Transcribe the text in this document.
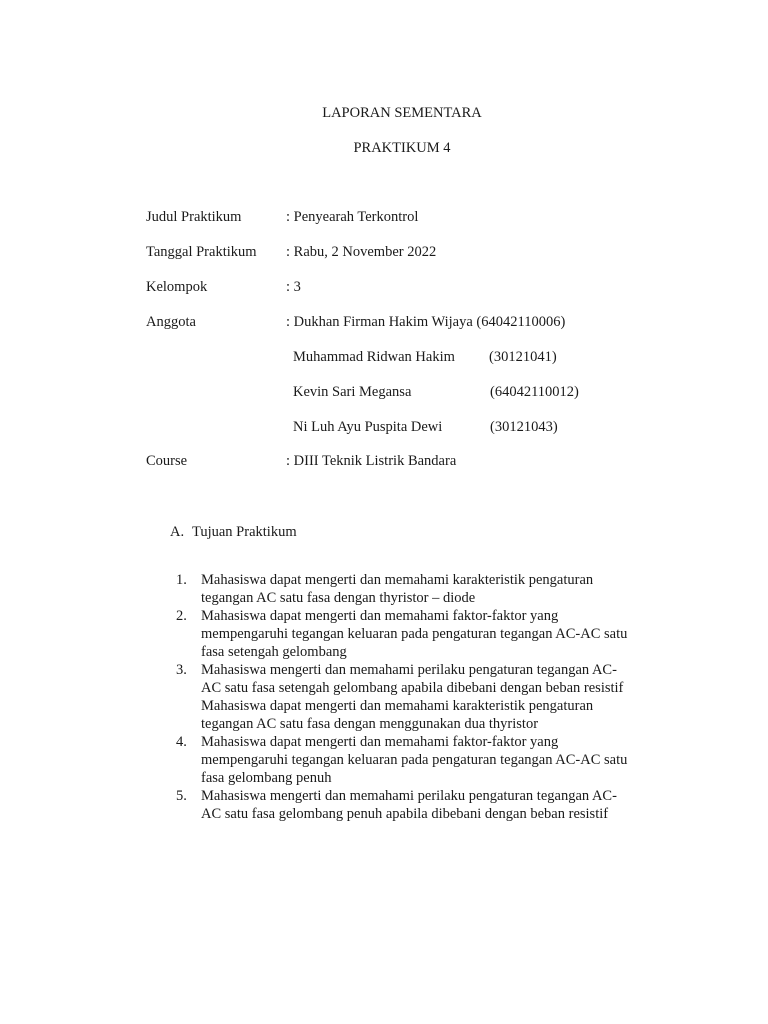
LAPORAN SEMENTARA
PRAKTIKUM 4
Judul Praktikum	: Penyearah Terkontrol
Tanggal Praktikum : Rabu, 2 November 2022
Kelompok	: 3
Anggota	: Dukhan Firman Hakim Wijaya (64042110006)
Muhammad Ridwan Hakim (30121041)
Kevin Sari Megansa	(64042110012)
Ni Luh Ayu Puspita Dewi	(30121043)
Course	: DIII Teknik Listrik Bandara
A. Tujuan Praktikum
1. Mahasiswa dapat mengerti dan memahami karakteristik pengaturan
tegangan AC satu fasa dengan thyristor – diode
2. Mahasiswa dapat mengerti dan memahami faktor-faktor yang
mempengaruhi tegangan keluaran pada pengaturan tegangan AC-AC satu
fasa setengah gelombang
3. Mahasiswa mengerti dan memahami perilaku pengaturan tegangan AC-
AC satu fasa setengah gelombang apabila dibebani dengan beban resistif
Mahasiswa dapat mengerti dan memahami karakteristik pengaturan
tegangan AC satu fasa dengan menggunakan dua thyristor
4. Mahasiswa dapat mengerti dan memahami faktor-faktor yang
mempengaruhi tegangan keluaran pada pengaturan tegangan AC-AC satu
fasa gelombang penuh
5. Mahasiswa mengerti dan memahami perilaku pengaturan tegangan AC-
AC satu fasa gelombang penuh apabila dibebani dengan beban resistif
